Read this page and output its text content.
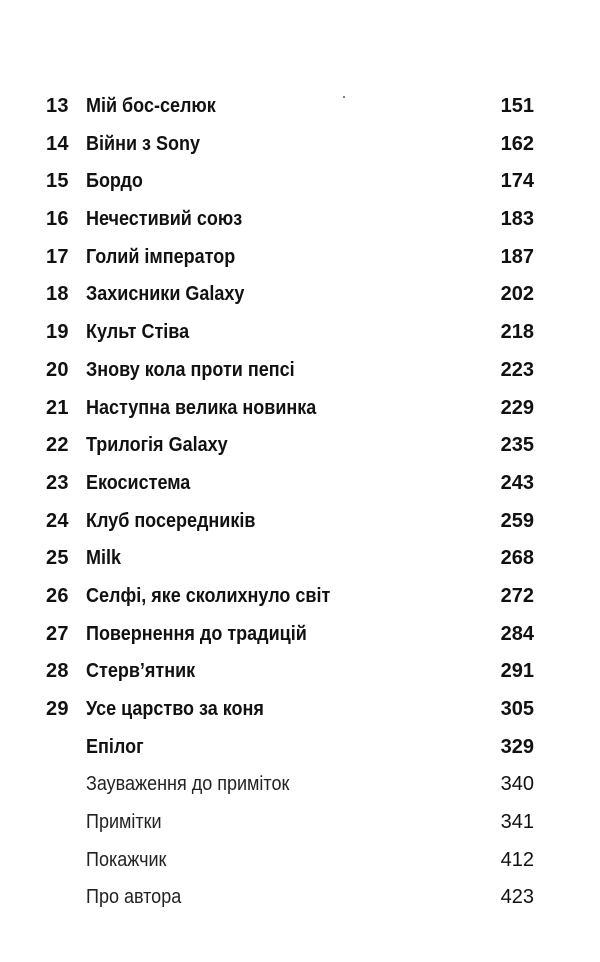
13 Мій бос-селюк	151
14 Війни з Sony	162
15 Бордо	174
16 Нечестивий союз	183
17 Голий імператор	187
18 Захисники Galaxy	202
19 Культ Стіва	218
20 Знову кола проти пепсі	223
21 Наступна велика новинка	229
22 Трилогія Galaxy	235
23 Екосистема	243
24 Клуб посередників	259
25 Milk	268
26 Селфі, яке сколихнуло світ	272
27 Повернення до традицій	284
28 Стерв’ятник	291
29 Усе царство за коня	305
Епілог	329
Зауваження до приміток	340
Примітки	341
Покажчик	412
Про автора	423
